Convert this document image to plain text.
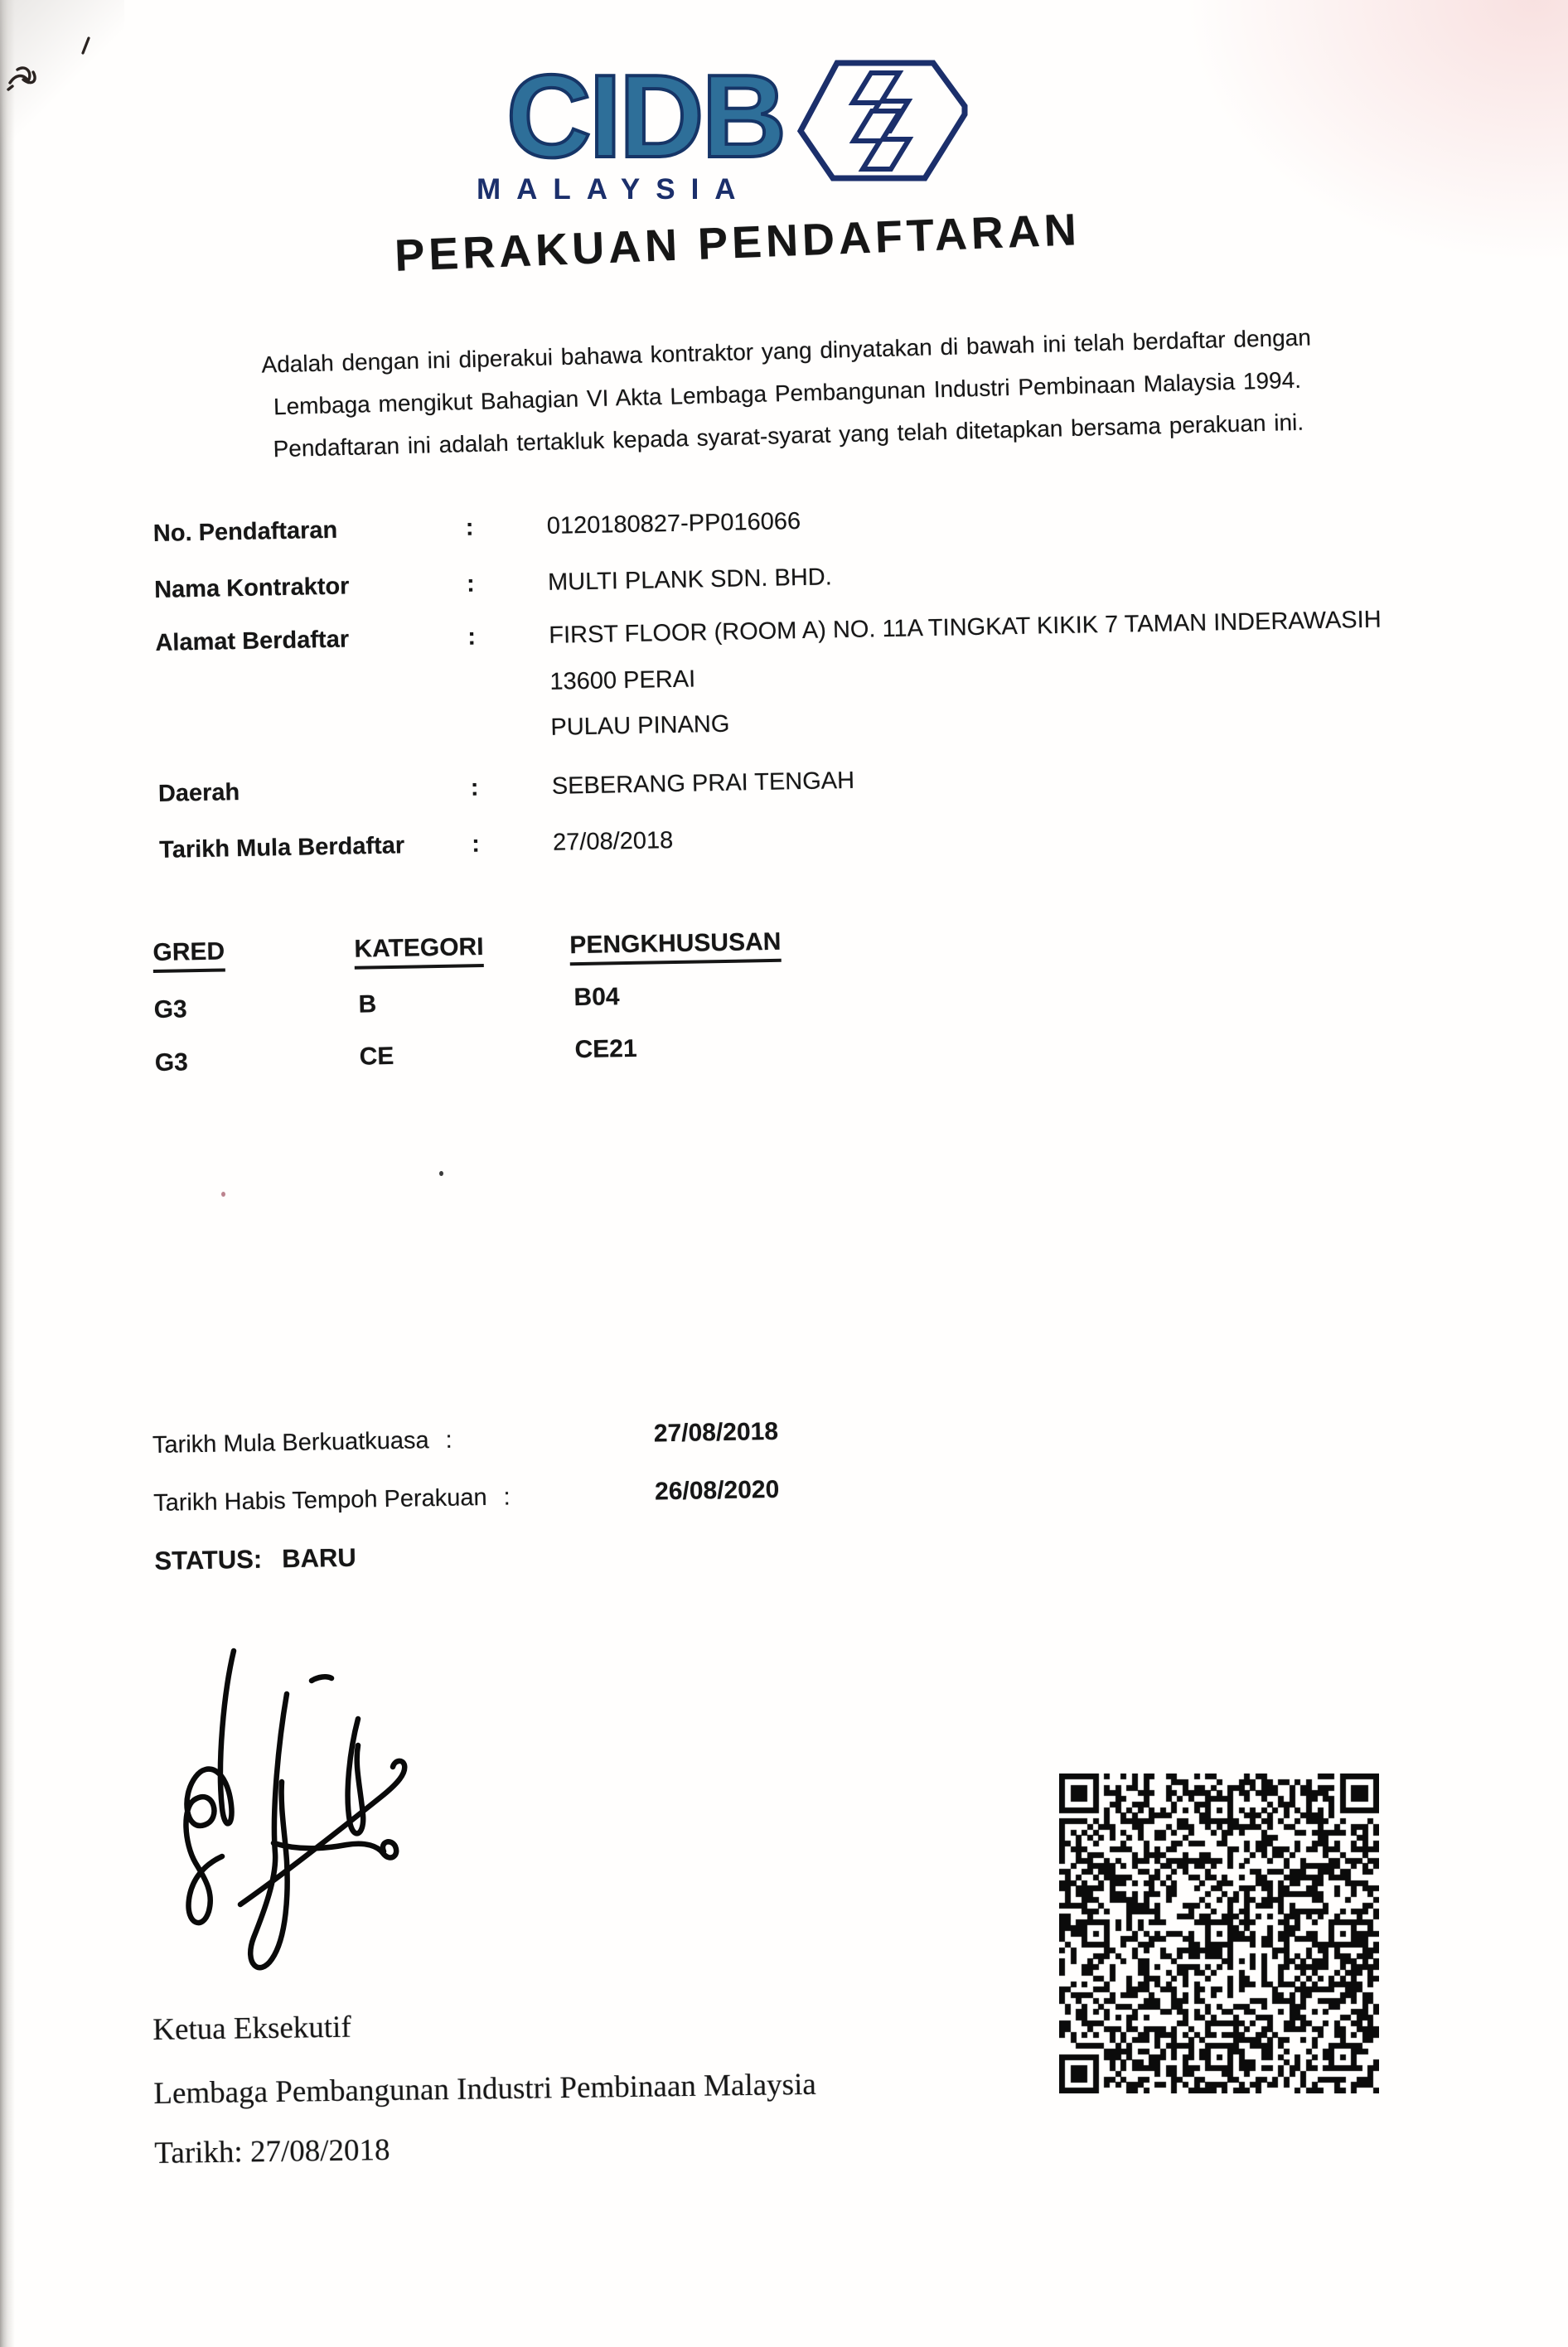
CIDB
MALAYSIA
PERAKUAN PENDAFTARAN
Adalah dengan ini diperakui bahawa kontraktor yang dinyatakan di bawah ini telah berdaftar dengan
Lembaga mengikut Bahagian VI Akta Lembaga Pembangunan Industri Pembinaan Malaysia 1994.
Pendaftaran ini adalah tertakluk kepada syarat-syarat yang telah ditetapkan bersama perakuan ini.
No. Pendaftaran	:	0120180827-PP016066
Nama Kontraktor	:	MULTI PLANK SDN. BHD.
Alamat Berdaftar	:	FIRST FLOOR (ROOM A) NO. 11A TINGKAT KIKIK 7 TAMAN INDERAWASIH
13600 PERAI
PULAU PINANG
Daerah	:	SEBERANG PRAI TENGAH
Tarikh Mula Berdaftar	:	27/08/2018
GRED	KATEGORI	PENGKHUSUSAN
G3	B	B04
G3	CE	CE21
Tarikh Mula Berkuatkuasa :	27/08/2018
Tarikh Habis Tempoh Perakuan :	26/08/2020
STATUS: BARU
Ketua Eksekutif
Lembaga Pembangunan Industri Pembinaan Malaysia
Tarikh: 27/08/2018
